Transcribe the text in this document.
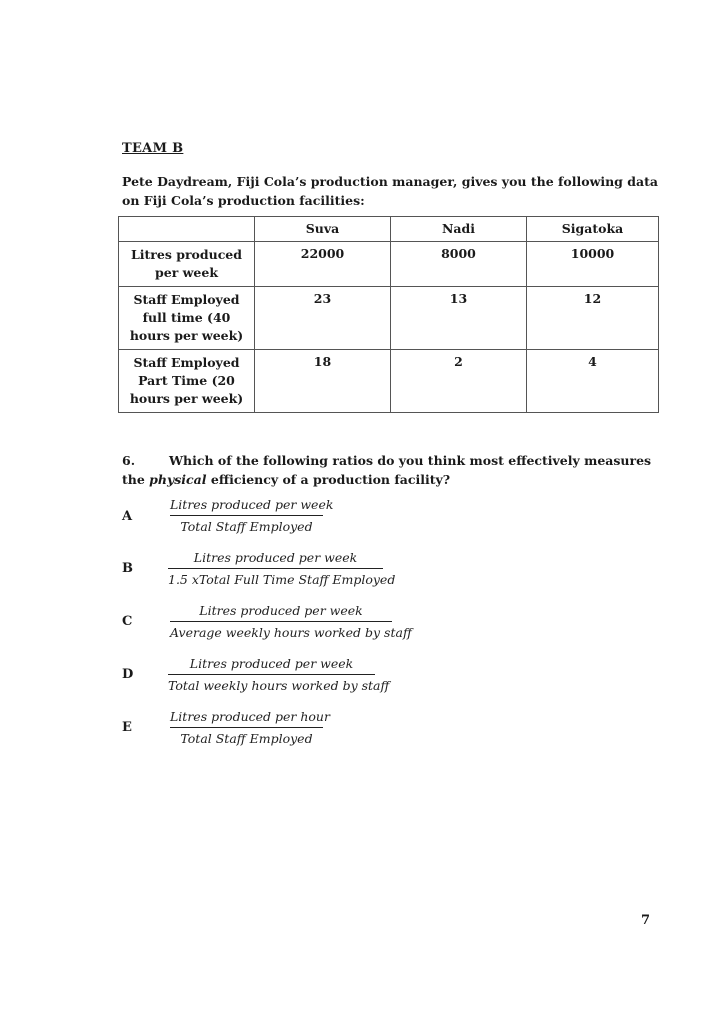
TEAM B
Pete Daydream, Fiji Cola’s production manager, gives you the following data on Fiji Cola’s production facilities:
	Suva	Nadi	Sigatoka
Litres produced per week	22000	8000	10000
Staff Employed full time (40 hours per week)	23	13	12
Staff Employed Part Time (20 hours per week)	18	2	4
6.	Which of the following ratios do you think most effectively measures the physical efficiency of a production facility?
A
Litres produced per week
Total Staff Employed
B
Litres produced per week
1.5 xTotal Full Time Staff Employed
C
Litres produced per week
Average weekly hours worked by staff
D
Litres produced per week
Total weekly hours worked by staff
E
Litres produced per hour
Total Staff Employed
7
